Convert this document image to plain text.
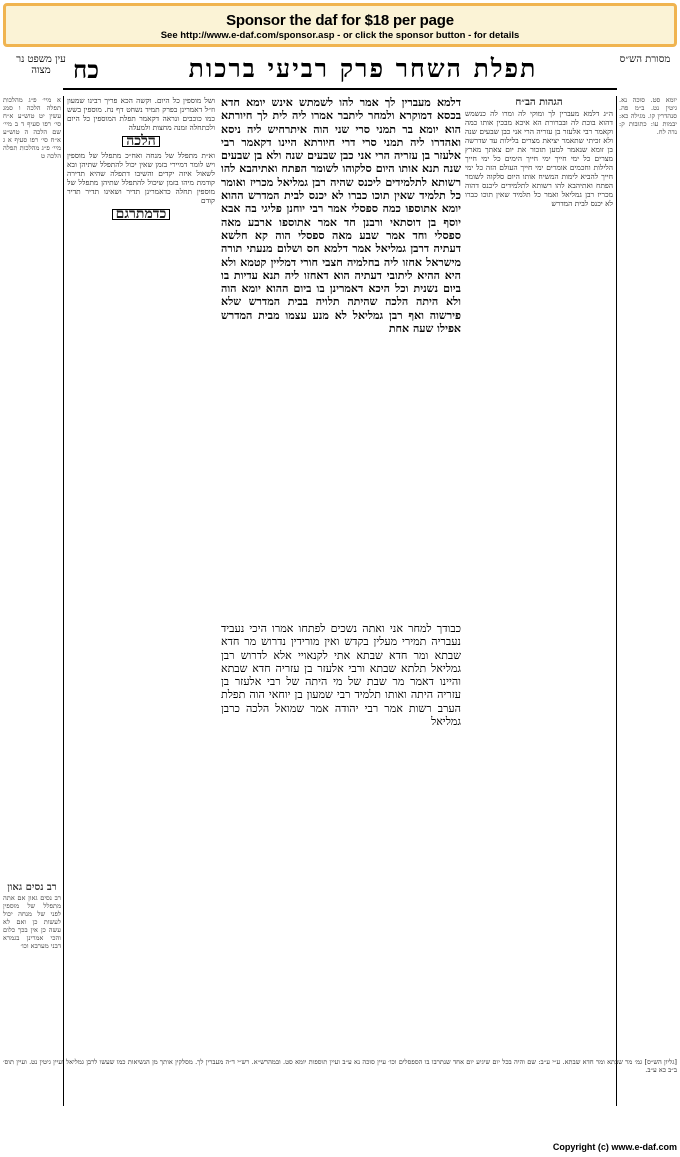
Sponsor the daf for $18 per page
See http://www.e-daf.com/sponsor.asp - or click the sponsor button - for details
מסורת הש״ס
תפלת השחר פרק רביעי ברכות
כח
עין משפט נר מצוה
יומא סט. סוכה נא. גיטין נט. ב״מ פה. סנהדרין קו. מגילה כא: יבמות עו: כתובות ק: נדה לח.
הגהות הב״ח
ה״ג דלמא מעברין לך ומוקי לה ומרו לה כנשמש דהוא בוכת לה ובברורת הא איכא מבכין אותו כמה וקאמר רבי אלעזר בן עזריה הרי אני כבן שבעים שנה ולא זכיתי שתאמר יציאת מצרים בלילות עד שדרשה בן זומא שנאמר למען תזכור את יום צאתך מארץ מצרים כל ימי חייך ימי חייך הימים כל ימי חייך הלילות וחכמים אומרים ימי חייך העולם הזה כל ימי חייך להביא לימות המשיח אותו היום סלקוה לשומר הפתח ואתיהבא להו רשותא לתלמידים ליכנס דהוה מכריז רבן גמליאל ואמר כל תלמיד שאין תוכו כברו לא יכנס לבית המדרש
דלמא מעברין לך אמר להו לשמתש אינש יומא חדא בכסא דמוקרא ולמחר ליתבר אמרו ליה לית לך חיורתא הוא יומא בר תמני סרי שני הוה איתרחיש ליה ניסא ואהדרו ליה תמני סרי דרי חיורתא היינו דקאמר רבי אלעזר בן עזריה הרי אני כבן שבעים שנה ולא בן שבעים שנה תנא אותו היום סלקוהו לשומר הפתח ואתיהבא להו רשותא לתלמידים ליכנס שהיה רבן גמליאל מכריז ואומר כל תלמיד שאין תוכו כברו לא יכנס לבית המדרש ההוא יומא אתוספו כמה ספסלי אמר רבי יוחנן פליגי בה אבא יוסף בן דוסתאי ורבנן חד אמר אתוספו ארבע מאה ספסלי וחד אמר שבע מאה ספסלי הוה קא חלשא דעתיה דרבן גמליאל אמר דלמא חס ושלום מנעתי תורה מישראל אחזו ליה בחלמיה חצבי חורי דמליין קטמא ולא היא ההיא ליתובי דעתיה הוא דאחזו ליה תנא עדיות בו ביום נשנית וכל היכא דאמרינן בו ביום ההוא יומא הוה ולא היתה הלכה שהיתה תלויה בבית המדרש שלא פירשוה ואף רבן גמליאל לא מנע עצמו מבית המדרש אפילו שעה אחת
ושל מוספין כל היום. וקשה הכא פריך רבינו שמעון וז״ל דאמרינן בפרק תמיד נשחט דף נח. מוספין בשש כמו כוכבים ונראה דקאמר תפלת המוספין כל היום ולכתחלה זמנה מחצות ולמעלה
הלכה
וא״ת מתפלל של מנחה ואח״כ מתפלל של מוספין ויש לומר דמיירי בזמן שאין יכול להתפלל שתיהן ובא לשאול איזה יקדים והשיבו דתפלה שהיא תדירה קודמת מיהו בזמן שיכול להתפלל שתיהן מתפלל של מוספין תחלה כדאמרינן תדיר ושאינו תדיר תדיר קודם
כדמתרגם
א מיי׳ פ״ג מהלכות תפלה הלכה ו סמג עשין יט טוש״ע א״ח סי׳ רפו סעיף ד ב מיי׳ שם הלכה ה טוש״ע א״ח סי׳ רפו סעיף א ג מיי׳ פ״ג מהלכות תפלה הלכה ט
רב נסים גאון
רב נסים גאון אם אתה מתפלל של מוספין לפני של מנחה יכול לעשות כן ואם לא עשה כן אין בכך כלום והכי אמרינן בגמרא דבני מערבא וכו׳
כבודך למחר אני ואתה נשכים לפתחו אמרו היכי נעביד נעבריה תמירי מעלין בקדש ואין מורידין נדרוש מר חדא שבתא ומר חדא שבתא אתי לקנאויי אלא לדרוש רבן גמליאל תלתא שבתא ורבי אלעזר בן עזריה חדא שבתא והיינו דאמר מר שבת של מי היתה של רבי אלעזר בן עזריה היתה ואותו תלמיד רבי שמעון בן יוחאי הוה תפלת הערב רשות אמר רבי יהודה אמר שמואל הלכה כרבן גמליאל
[גליון הש״ס] גמ׳ מר שבתא ומר חדא שבתא. ע״י ע״ב: שם והיה בכל יום שיגיע יום אחד שנתרבו בו הספסלים וכו׳ עיין סוכה נא ע״ב ועיין תוספות יומא סט. ובמהרש״א. רש״י ד״ה מעברין לך. מסלקין אותך מן הנשיאות כמו שעשו לרבן גמליאל ועיין גיטין נט. ועיין תוס׳ ב״ב כא ע״ב.
Copyright (c) www.e-daf.com
